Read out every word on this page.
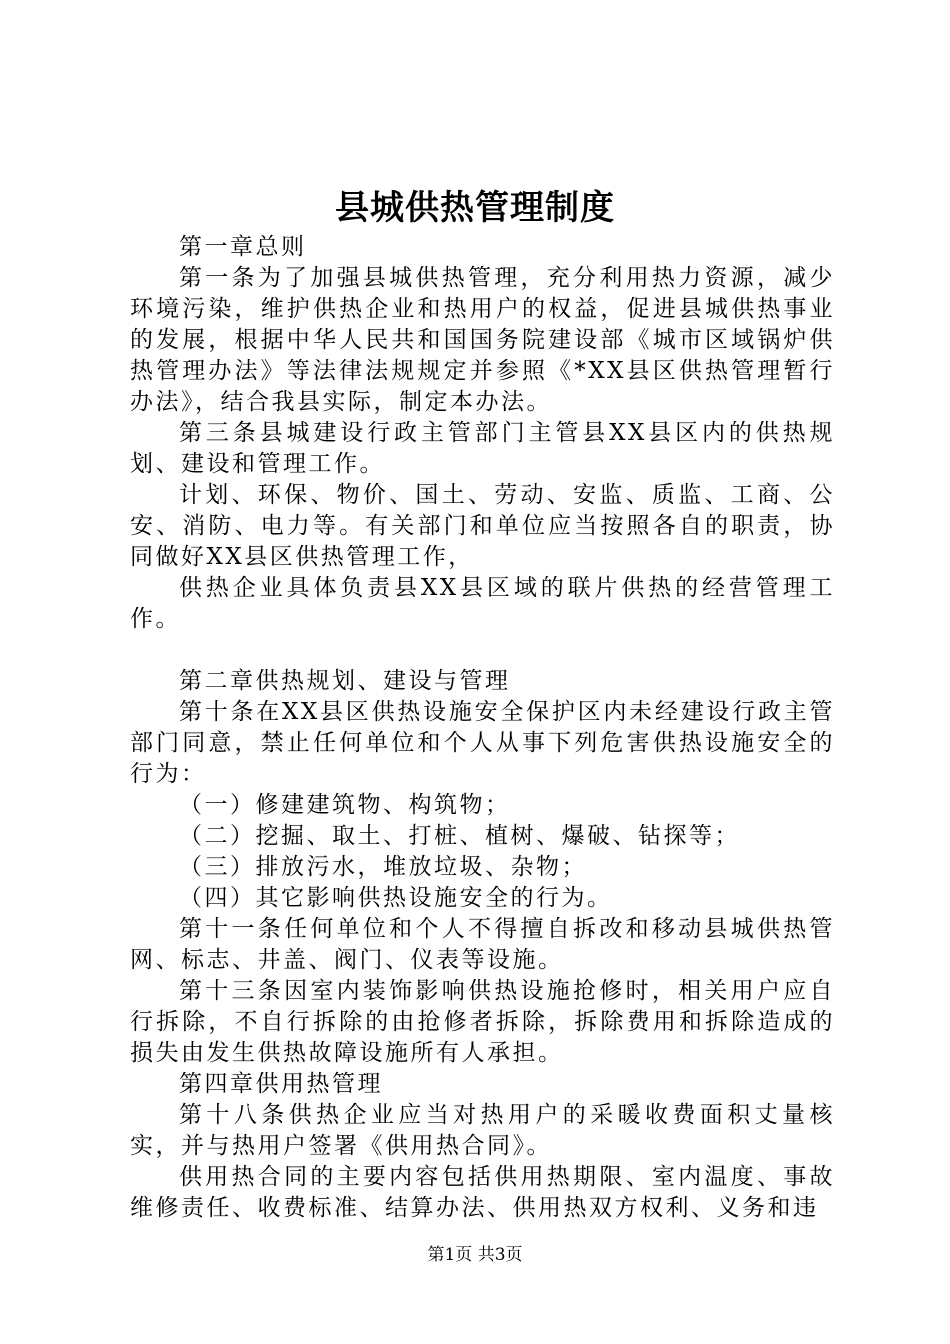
县城供热管理制度

第一章总则

第一条为了加强县城供热管理，充分利用热力资源，减少环境污染，维护供热企业和热用户的权益，促进县城供热事业的发展，根据中华人民共和国国务院建设部《城市区域锅炉供热管理办法》等法律法规规定并参照《*XX县区供热管理暂行办法》，结合我县实际，制定本办法。

第三条县城建设行政主管部门主管县XX县区内的供热规划、建设和管理工作。

计划、环保、物价、国土、劳动、安监、质监、工商、公安、消防、电力等。有关部门和单位应当按照各自的职责，协同做好XX县区供热管理工作，

供热企业具体负责县XX县区域的联片供热的经营管理工作。

第二章供热规划、建设与管理

第十条在XX县区供热设施安全保护区内未经建设行政主管部门同意，禁止任何单位和个人从事下列危害供热设施安全的行为：

（一）修建建筑物、构筑物；

（二）挖掘、取土、打桩、植树、爆破、钻探等；

（三）排放污水，堆放垃圾、杂物；

（四）其它影响供热设施安全的行为。

第十一条任何单位和个人不得擅自拆改和移动县城供热管网、标志、井盖、阀门、仪表等设施。

第十三条因室内装饰影响供热设施抢修时，相关用户应自行拆除，不自行拆除的由抢修者拆除，拆除费用和拆除造成的损失由发生供热故障设施所有人承担。

第四章供用热管理

第十八条供热企业应当对热用户的采暖收费面积丈量核实，并与热用户签署《供用热合同》。

供用热合同的主要内容包括供用热期限、室内温度、事故维修责任、收费标准、结算办法、供用热双方权利、义务和违

第1页 共3页
